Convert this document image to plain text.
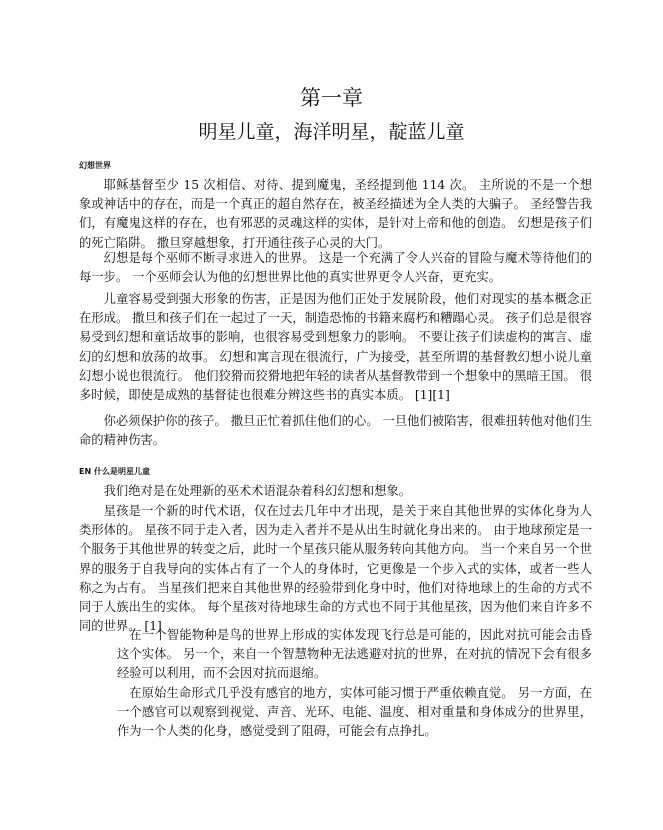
第一章
明星儿童，海洋明星，靛蓝儿童
幻想世界

耶稣基督至少 15 次相信、对待、提到魔鬼，圣经提到他 114 次。 主所说的不是一个想象或神话中的存在，而是一个真正的超自然存在，被圣经描述为全人类的大骗子。 圣经警告我们，有魔鬼这样的存在，也有邪恶的灵魂这样的实体，是针对上帝和他的创造。 幻想是孩子们的死亡陷阱。 撒旦穿越想象，打开通往孩子心灵的大门。

幻想是每个巫师不断寻求进入的世界。 这是一个充满了令人兴奋的冒险与魔术等待他们的每一步。 一个巫师会认为他的幻想世界比他的真实世界更令人兴奋，更充实。

儿童容易受到强大形象的伤害，正是因为他们正处于发展阶段，他们对现实的基本概念正在形成。 撒旦和孩子们在一起过了一天，制造恐怖的书籍来腐朽和糟蹋心灵。 孩子们总是很容易受到幻想和童话故事的影响，也很容易受到想象力的影响。 不要让孩子们读虚构的寓言、虚幻的幻想和放荡的故事。 幻想和寓言现在很流行，广为接受，甚至所谓的基督教幻想小说儿童幻想小说也很流行。 他们狡猾而狡猾地把年轻的读者从基督教带到一个想象中的黑暗王国。 很多时候，即使是成熟的基督徒也很难分辨这些书的真实本质。 [1][1]

你必须保护你的孩子。 撒旦正忙着抓住他们的心。 一旦他们被陷害，很难扭转他对他们生命的精神伤害。

EN 什么是明星儿童

我们绝对是在处理新的巫术术语混杂着科幻幻想和想象。

星孩是一个新的时代术语，仅在过去几年中才出现，是关于来自其他世界的实体化身为人类形体的。 星孩不同于走入者，因为走入者并不是从出生时就化身出来的。 由于地球预定是一个服务于其他世界的转变之后，此时一个星孩只能从服务转向其他方向。 当一个来自另一个世界的服务于自我导向的实体占有了一个人的身体时，它更像是一个步入式的实体，或者一些人称之为占有。 当星孩们把来自其他世界的经验带到化身中时，他们对待地球上的生命的方式不同于人族出生的实体。 每个星孩对待地球生命的方式也不同于其他星孩，因为他们来自许多不同的世界。 [1]

在一个智能物种是鸟的世界上形成的实体发现飞行总是可能的，因此对抗可能会击昏这个实体。 另一个，来自一个智慧物种无法逃避对抗的世界，在对抗的情况下会有很多经验可以利用，而不会因对抗而退缩。

在原始生命形式几乎没有感官的地方，实体可能习惯于严重依赖直觉。 另一方面，在一个感官可以观察到视觉、声音、光环、电能、温度、相对重量和身体成分的世界里，作为一个人类的化身，感觉受到了阻碍，可能会有点挣扎。
